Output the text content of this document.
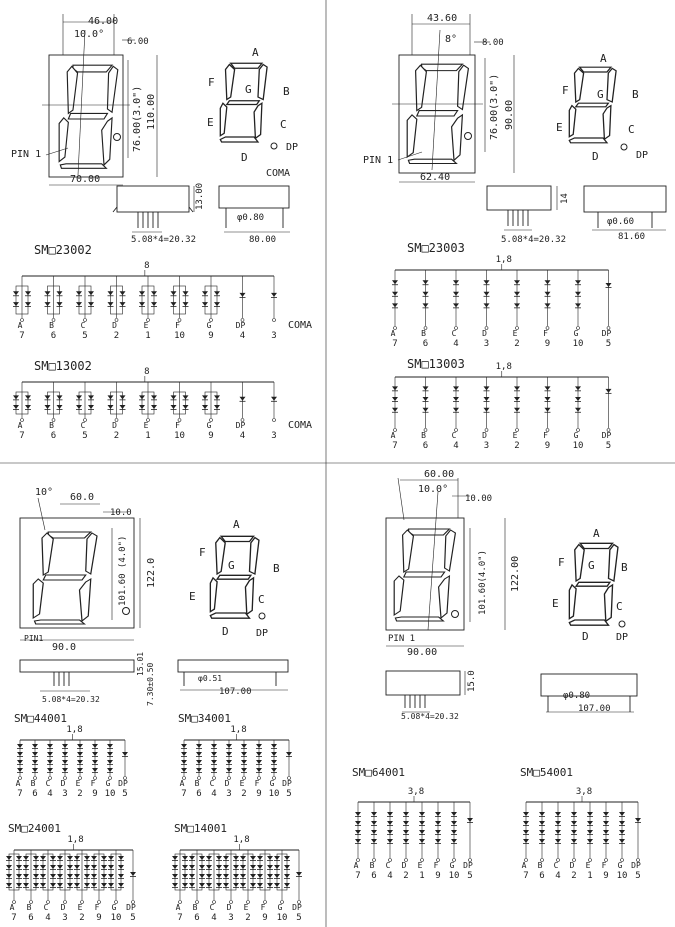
46.00
10.0°
6.00
76.00(3.0") 110.00
70.00
PIN 1
A
B
C
D
E
F
G
DP
COMA
13.00
5.08*4=20.32
φ0.80
80.00
SM□23002
8
A
7
B
6
C
5
D
2
E
1
F
10
G
9
DP
4	3
COMA
SM□13002	8
A
7
B
6
C
5
D
2
E
1
F
10
G
9
DP
4	3
COMA
43.60
8°	8.00
76.00(3.0") 90.00
62.40
PIN 1
A
B
C
D
E
F	G
DP
14
5.08*4=20.32
φ0.60
81.60
SM□23003
1,8
A
7
B
6
C
4
D
3
E
2
F
9
G
10
DP
5
SM□13003	1,8
A
7
B
6
C
4
D
3
E
2
F
9
G
10
DP
5
10° 60.0
10.0
101.60 (4.0") 122.0
90.0
PIN1
A
B
C
D
E
F
G
DP
5.08*4=20.32
15.01 7.30±0.50	φ0.51
107.00
SM□44001
1,8
A
7
B
6
C
4
D
3
E
2
F
9
G
10
DP
5
SM□34001
1,8
A
7
B
6
C
4
D
3
E
2
F
9
G
10
DP
5
SM□24001
1,8
A
7
B
6
C
4
D
3
E
2
F
9
G
10
DP
5
SM□14001
1,8
A
7
B
6
C
4
D
3
E
2
F
9
G
10
DP
5
60.00
10.0°
10.00
101.60(4.0") 122.00
90.00
PIN 1
A
B
C
D
E
F G
DP
15.0
5.08*4=20.32
φ0.80
107.00
SM□64001
3,8
A
7
B
6
C
4
D
2
E
1
F
9
G
10
DP
5
SM□54001
3,8
A
7
B
6
C
4
D
2
E
1
F
9
G
10
DP
5
